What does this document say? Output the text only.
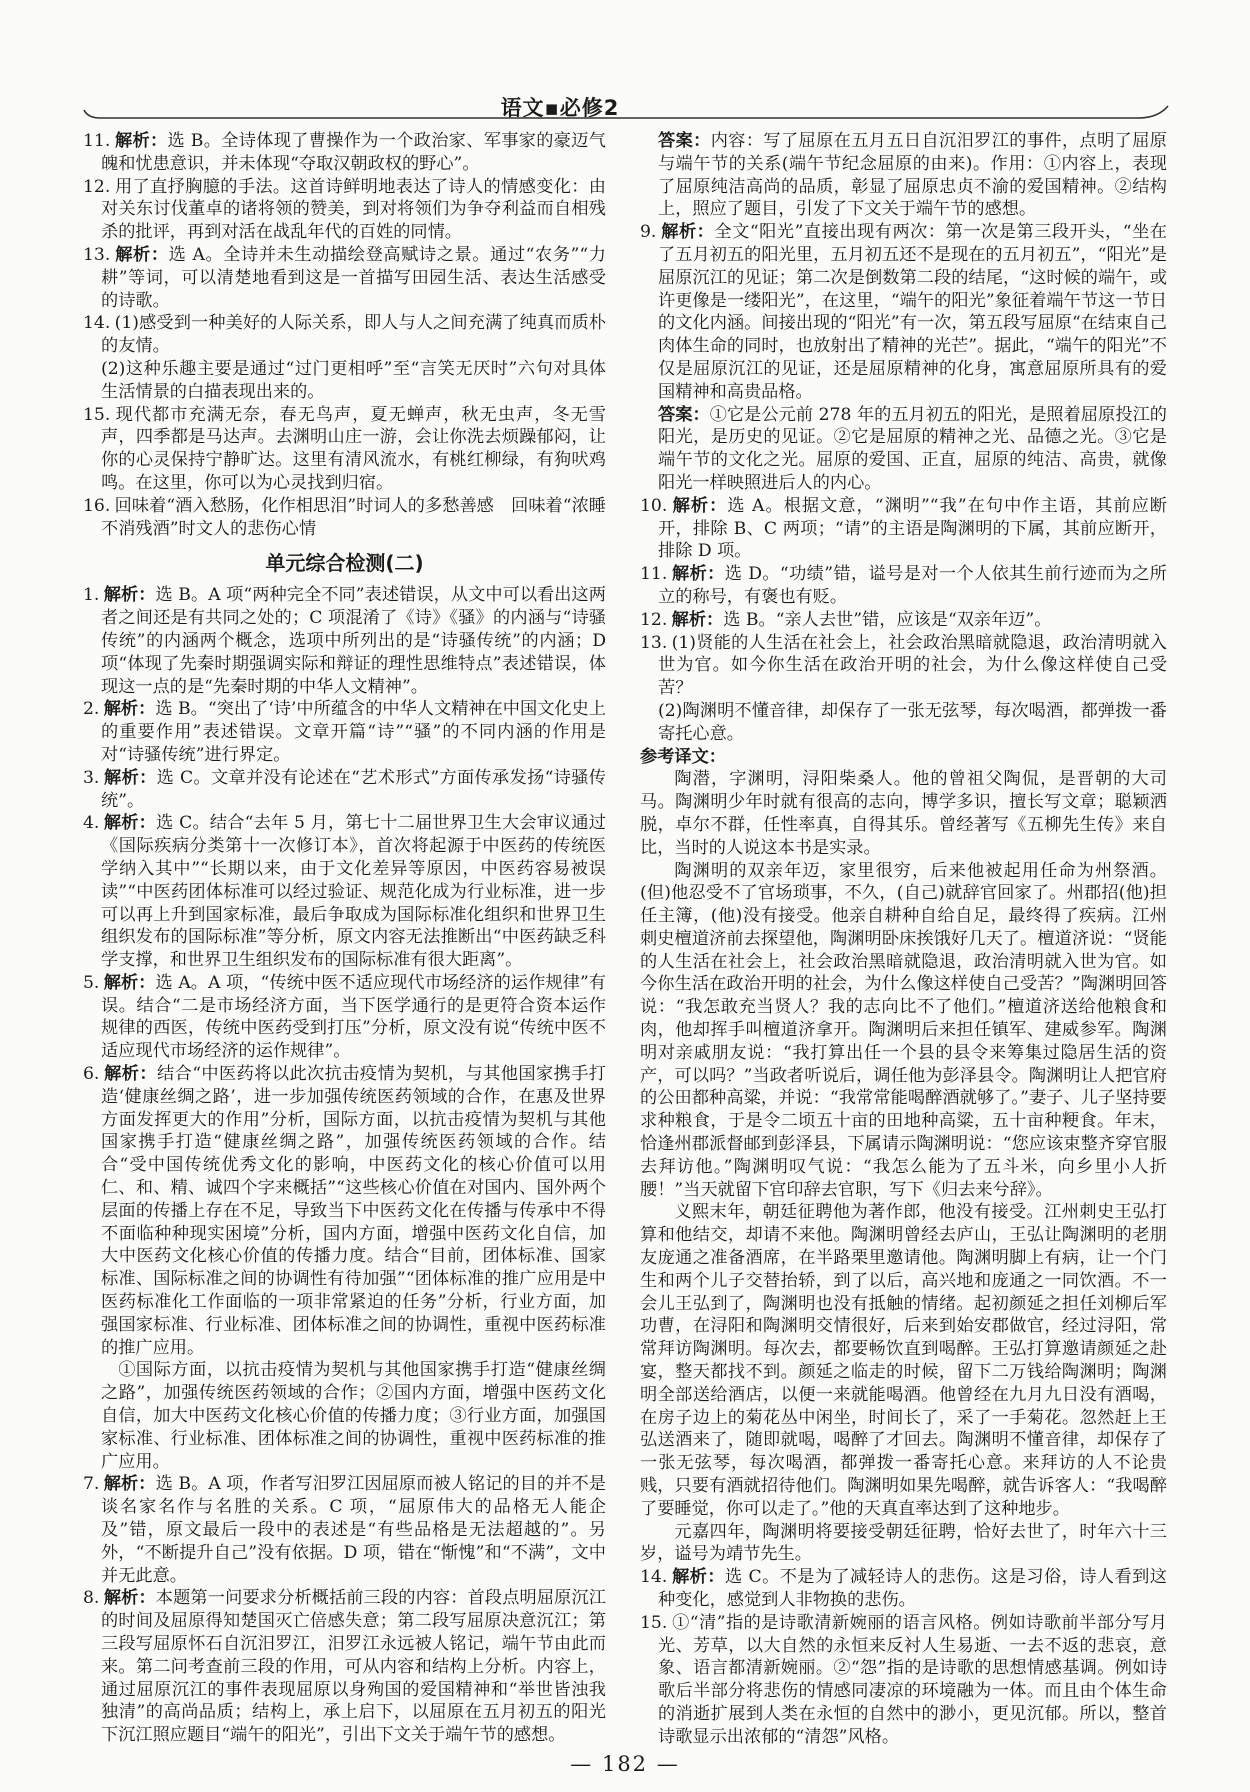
语文▪必修2
11. 解析：选 B。全诗体现了曹操作为一个政治家、军事家的豪迈气魄和忧患意识，并未体现“夺取汉朝政权的野心”。
12. 用了直抒胸臆的手法。这首诗鲜明地表达了诗人的情感变化：由对关东讨伐董卓的诸将领的赞美，到对将领们为争夺利益而自相残杀的批评，再到对活在战乱年代的百姓的同情。
13. 解析：选 A。全诗并未生动描绘登高赋诗之景。通过“农务”“力耕”等词，可以清楚地看到这是一首描写田园生活、表达生活感受的诗歌。
14. (1)感受到一种美好的人际关系，即人与人之间充满了纯真而质朴的友情。
(2)这种乐趣主要是通过“过门更相呼”至“言笑无厌时”六句对具体生活情景的白描表现出来的。
15. 现代都市充满无奈，春无鸟声，夏无蝉声，秋无虫声，冬无雪声，四季都是马达声。去渊明山庄一游，会让你洗去烦躁郁闷，让你的心灵保持宁静旷达。这里有清风流水，有桃红柳绿，有狗吠鸡鸣。在这里，你可以为心灵找到归宿。
16. 回味着“酒入愁肠，化作相思泪”时词人的多愁善感　回味着“浓睡不消残酒”时文人的悲伤心情
单元综合检测(二)
1. 解析：选 B。A 项“两种完全不同”表述错误，从文中可以看出这两者之间还是有共同之处的；C 项混淆了《诗》《骚》的内涵与“诗骚传统”的内涵两个概念，选项中所列出的是“诗骚传统”的内涵；D 项“体现了先秦时期强调实际和辩证的理性思维特点”表述错误，体现这一点的是“先秦时期的中华人文精神”。
2. 解析：选 B。“突出了‘诗’中所蕴含的中华人文精神在中国文化史上的重要作用”表述错误。文章开篇“诗”“骚”的不同内涵的作用是对“诗骚传统”进行界定。
3. 解析：选 C。文章并没有论述在“艺术形式”方面传承发扬“诗骚传统”。
4. 解析：选 C。结合“去年 5 月，第七十二届世界卫生大会审议通过《国际疾病分类第十一次修订本》，首次将起源于中医药的传统医学纳入其中”“长期以来，由于文化差异等原因，中医药容易被误读”“中医药团体标准可以经过验证、规范化成为行业标准，进一步可以再上升到国家标准，最后争取成为国际标准化组织和世界卫生组织发布的国际标准”等分析，原文内容无法推断出“中医药缺乏科学支撑，和世界卫生组织发布的国际标准有很大距离”。
5. 解析：选 A。A 项，“传统中医不适应现代市场经济的运作规律”有误。结合“二是市场经济方面，当下医学通行的是更符合资本运作规律的西医，传统中医药受到打压”分析，原文没有说“传统中医不适应现代市场经济的运作规律”。
6. 解析：结合“中医药将以此次抗击疫情为契机，与其他国家携手打造‘健康丝绸之路’，进一步加强传统医药领域的合作，在惠及世界方面发挥更大的作用”分析，国际方面，以抗击疫情为契机与其他国家携手打造“健康丝绸之路”，加强传统医药领域的合作。结合“受中国传统优秀文化的影响，中医药文化的核心价值可以用仁、和、精、诚四个字来概括”“这些核心价值在对国内、国外两个层面的传播上存在不足，导致当下中医药文化在传播与传承中不得不面临种种现实困境”分析，国内方面，增强中医药文化自信，加大中医药文化核心价值的传播力度。结合“目前，团体标准、国家标准、国际标准之间的协调性有待加强”“团体标准的推广应用是中医药标准化工作面临的一项非常紧迫的任务”分析，行业方面，加强国家标准、行业标准、团体标准之间的协调性，重视中医药标准的推广应用。
①国际方面，以抗击疫情为契机与其他国家携手打造“健康丝绸之路”，加强传统医药领域的合作；②国内方面，增强中医药文化自信，加大中医药文化核心价值的传播力度；③行业方面，加强国家标准、行业标准、团体标准之间的协调性，重视中医药标准的推广应用。
7. 解析：选 B。A 项，作者写汨罗江因屈原而被人铭记的目的并不是谈名家名作与名胜的关系。C 项，“屈原伟大的品格无人能企及”错，原文最后一段中的表述是“有些品格是无法超越的”。另外，“不断提升自己”没有依据。D 项，错在“惭愧”和“不满”，文中并无此意。
8. 解析：本题第一问要求分析概括前三段的内容：首段点明屈原沉江的时间及屈原得知楚国灭亡倍感失意；第二段写屈原决意沉江；第三段写屈原怀石自沉汨罗江，汨罗江永远被人铭记，端午节由此而来。第二问考查前三段的作用，可从内容和结构上分析。内容上，通过屈原沉江的事件表现屈原以身殉国的爱国精神和“举世皆浊我独清”的高尚品质；结构上，承上启下，以屈原在五月初五的阳光下沉江照应题目“端午的阳光”，引出下文关于端午节的感想。
答案：内容：写了屈原在五月五日自沉汨罗江的事件，点明了屈原与端午节的关系(端午节纪念屈原的由来)。作用：①内容上，表现了屈原纯洁高尚的品质，彰显了屈原忠贞不渝的爱国精神。②结构上，照应了题目，引发了下文关于端午节的感想。
9. 解析：全文“阳光”直接出现有两次：第一次是第三段开头，“坐在了五月初五的阳光里，五月初五还不是现在的五月初五”，“阳光”是屈原沉江的见证；第二次是倒数第二段的结尾，“这时候的端午，或许更像是一缕阳光”，在这里，“端午的阳光”象征着端午节这一节日的文化内涵。间接出现的“阳光”有一次，第五段写屈原“在结束自己肉体生命的同时，也放射出了精神的光芒”。据此，“端午的阳光”不仅是屈原沉江的见证，还是屈原精神的化身，寓意屈原所具有的爱国精神和高贵品格。
答案：①它是公元前 278 年的五月初五的阳光，是照着屈原投江的阳光，是历史的见证。②它是屈原的精神之光、品德之光。③它是端午节的文化之光。屈原的爱国、正直，屈原的纯洁、高贵，就像阳光一样映照进后人的内心。
10. 解析：选 A。根据文意，“渊明”“我”在句中作主语，其前应断开，排除 B、C 两项；“请”的主语是陶渊明的下属，其前应断开，排除 D 项。
11. 解析：选 D。“功绩”错，谥号是对一个人依其生前行迹而为之所立的称号，有褒也有贬。
12. 解析：选 B。“亲人去世”错，应该是“双亲年迈”。
13. (1)贤能的人生活在社会上，社会政治黑暗就隐退，政治清明就入世为官。如今你生活在政治开明的社会，为什么像这样使自己受苦？
(2)陶渊明不懂音律，却保存了一张无弦琴，每次喝酒，都弹拨一番寄托心意。
参考译文：
陶潜，字渊明，浔阳柴桑人。他的曾祖父陶侃，是晋朝的大司马。陶渊明少年时就有很高的志向，博学多识，擅长写文章；聪颖洒脱，卓尔不群，任性率真，自得其乐。曾经著写《五柳先生传》来自比，当时的人说这本书是实录。
陶渊明的双亲年迈，家里很穷，后来他被起用任命为州祭酒。(但)他忍受不了官场琐事，不久，(自己)就辞官回家了。州郡招(他)担任主簿，(他)没有接受。他亲自耕种自给自足，最终得了疾病。江州刺史檀道济前去探望他，陶渊明卧床挨饿好几天了。檀道济说：“贤能的人生活在社会上，社会政治黑暗就隐退，政治清明就入世为官。如今你生活在政治开明的社会，为什么像这样使自己受苦？”陶渊明回答说：“我怎敢充当贤人？我的志向比不了他们。”檀道济送给他粮食和肉，他却挥手叫檀道济拿开。陶渊明后来担任镇军、建威参军。陶渊明对亲戚朋友说：“我打算出任一个县的县令来筹集过隐居生活的资产，可以吗？”当政者听说后，调任他为彭泽县令。陶渊明让人把官府的公田都种高粱，并说：“我常常能喝醉酒就够了。”妻子、儿子坚持要求种粮食，于是令二顷五十亩的田地种高粱，五十亩种粳食。年末，恰逢州郡派督邮到彭泽县，下属请示陶渊明说：“您应该束整齐穿官服去拜访他。”陶渊明叹气说：“我怎么能为了五斗米，向乡里小人折腰！”当天就留下官印辞去官职，写下《归去来兮辞》。
义熙末年，朝廷征聘他为著作郎，他没有接受。江州刺史王弘打算和他结交，却请不来他。陶渊明曾经去庐山，王弘让陶渊明的老朋友庞通之准备酒席，在半路栗里邀请他。陶渊明脚上有病，让一个门生和两个儿子交替抬轿，到了以后，高兴地和庞通之一同饮酒。不一会儿王弘到了，陶渊明也没有抵触的情绪。起初颜延之担任刘柳后军功曹，在浔阳和陶渊明交情很好，后来到始安郡做官，经过浔阳，常常拜访陶渊明。每次去，都要畅饮直到喝醉。王弘打算邀请颜延之赴宴，整天都找不到。颜延之临走的时候，留下二万钱给陶渊明；陶渊明全部送给酒店，以便一来就能喝酒。他曾经在九月九日没有酒喝，在房子边上的菊花丛中闲坐，时间长了，采了一手菊花。忽然赶上王弘送酒来了，随即就喝，喝醉了才回去。陶渊明不懂音律，却保存了一张无弦琴，每次喝酒，都弹拨一番寄托心意。来拜访的人不论贵贱，只要有酒就招待他们。陶渊明如果先喝醉，就告诉客人：“我喝醉了要睡觉，你可以走了。”他的天真直率达到了这种地步。
元嘉四年，陶渊明将要接受朝廷征聘，恰好去世了，时年六十三岁，谥号为靖节先生。
14. 解析：选 C。不是为了减轻诗人的悲伤。这是习俗，诗人看到这种变化，感觉到人非物换的悲伤。
15. ①“清”指的是诗歌清新婉丽的语言风格。例如诗歌前半部分写月光、芳草，以大自然的永恒来反衬人生易逝、一去不返的悲哀，意象、语言都清新婉丽。②“怨”指的是诗歌的思想情感基调。例如诗歌后半部分将悲伤的情感同凄凉的环境融为一体。而且由个体生命的消逝扩展到人类在永恒的自然中的渺小，更见沉郁。所以，整首诗歌显示出浓郁的“清怨”风格。
— 182 —
